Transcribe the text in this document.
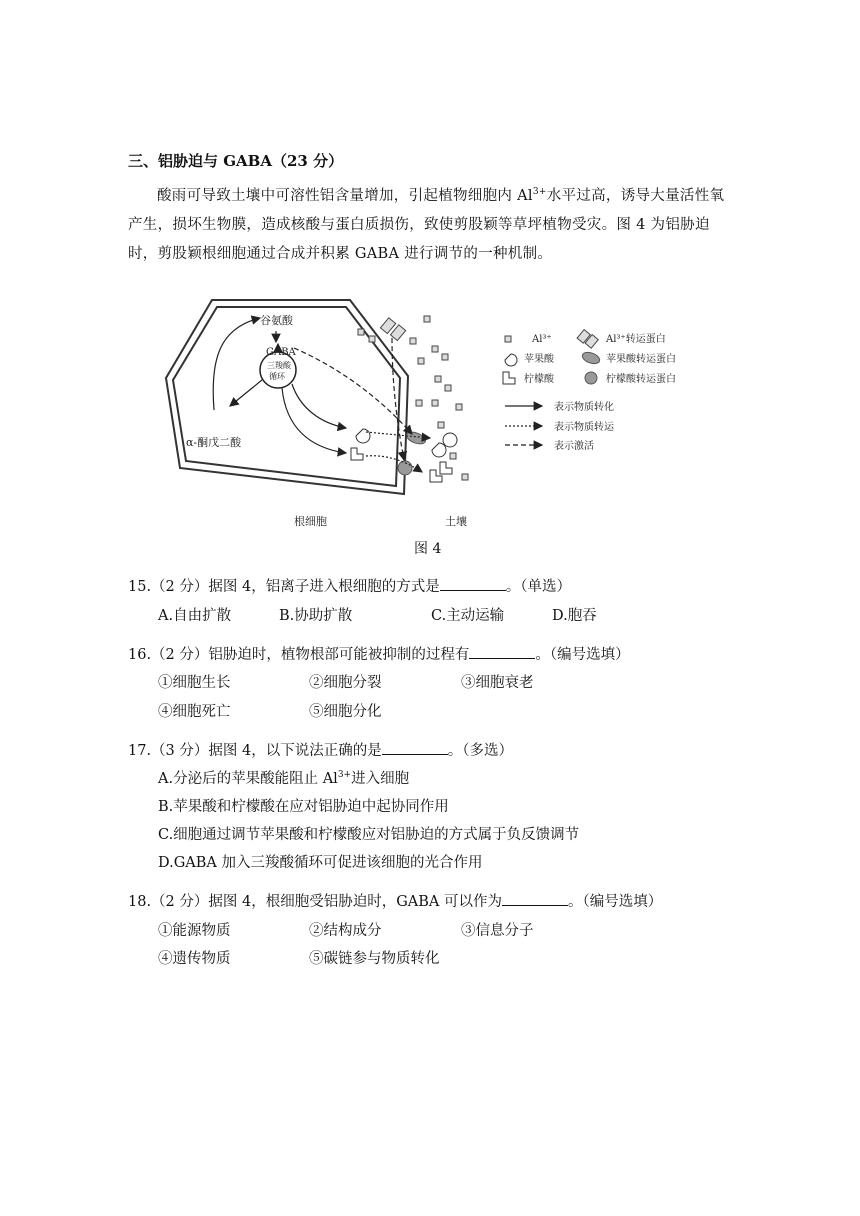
三、铝胁迫与 GABA（23 分）
酸雨可导致土壤中可溶性铝含量增加，引起植物细胞内 $Al^{3+}$水平过高，诱导大量活性氧产生，损坏生物膜，造成核酸与蛋白质损伤，致使剪股颖等草坪植物受灾。图 4 为铝胁迫时，剪股颖根细胞通过合成并积累 GABA 进行调节的一种机制。
谷氨酸
GABA
三羧酸
循环
α-酮戊二酸
根细胞	土壤
Al³⁺	Al³⁺转运蛋白
苹果酸	苹果酸转运蛋白
柠檬酸	柠檬酸转运蛋白
表示物质转化
表示物质转运
表示激活
图 4
15.（2 分）据图 4，铝离子进入根细胞的方式是	。（单选）
A.自由扩散	B.协助扩散	C.主动运输	D.胞吞
16.（2 分）铝胁迫时，植物根部可能被抑制的过程有	。（编号选填）
①细胞生长	②细胞分裂	③细胞衰老
④细胞死亡	⑤细胞分化
17.（3 分）据图 4，以下说法正确的是	。（多选）
A.分泌后的苹果酸能阻止 $Al^{3+}$进入细胞
B.苹果酸和柠檬酸在应对铝胁迫中起协同作用
C.细胞通过调节苹果酸和柠檬酸应对铝胁迫的方式属于负反馈调节
D.GABA 加入三羧酸循环可促进该细胞的光合作用
18.（2 分）据图 4，根细胞受铝胁迫时，GABA 可以作为	。（编号选填）
①能源物质	②结构成分	③信息分子
④遗传物质	⑤碳链参与物质转化
